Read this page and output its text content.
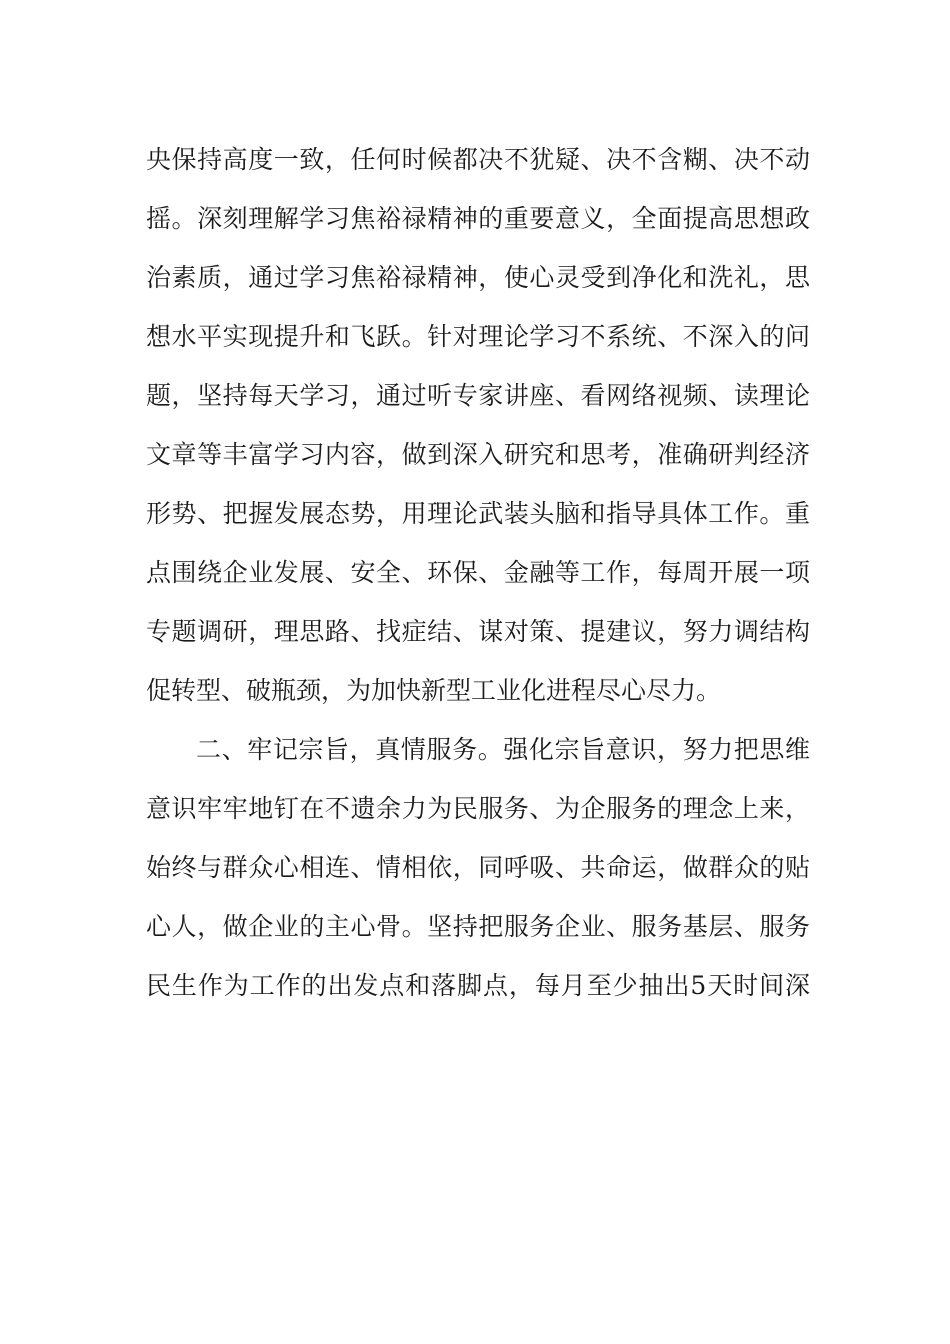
央保持高度一致，任何时候都决不犹疑、决不含糊、决不动
摇。深刻理解学习焦裕禄精神的重要意义，全面提高思想政
治素质，通过学习焦裕禄精神，使心灵受到净化和洗礼，思
想水平实现提升和飞跃。针对理论学习不系统、不深入的问
题，坚持每天学习，通过听专家讲座、看网络视频、读理论
文章等丰富学习内容，做到深入研究和思考，准确研判经济
形势、把握发展态势，用理论武装头脑和指导具体工作。重
点围绕企业发展、安全、环保、金融等工作，每周开展一项
专题调研，理思路、找症结、谋对策、提建议，努力调结构
促转型、破瓶颈，为加快新型工业化进程尽心尽力。
二、牢记宗旨，真情服务。强化宗旨意识，努力把思维
意识牢牢地钉在不遗余力为民服务、为企服务的理念上来，
始终与群众心相连、情相依，同呼吸、共命运，做群众的贴
心人，做企业的主心骨。坚持把服务企业、服务基层、服务
民生作为工作的出发点和落脚点，每月至少抽出5天时间深
